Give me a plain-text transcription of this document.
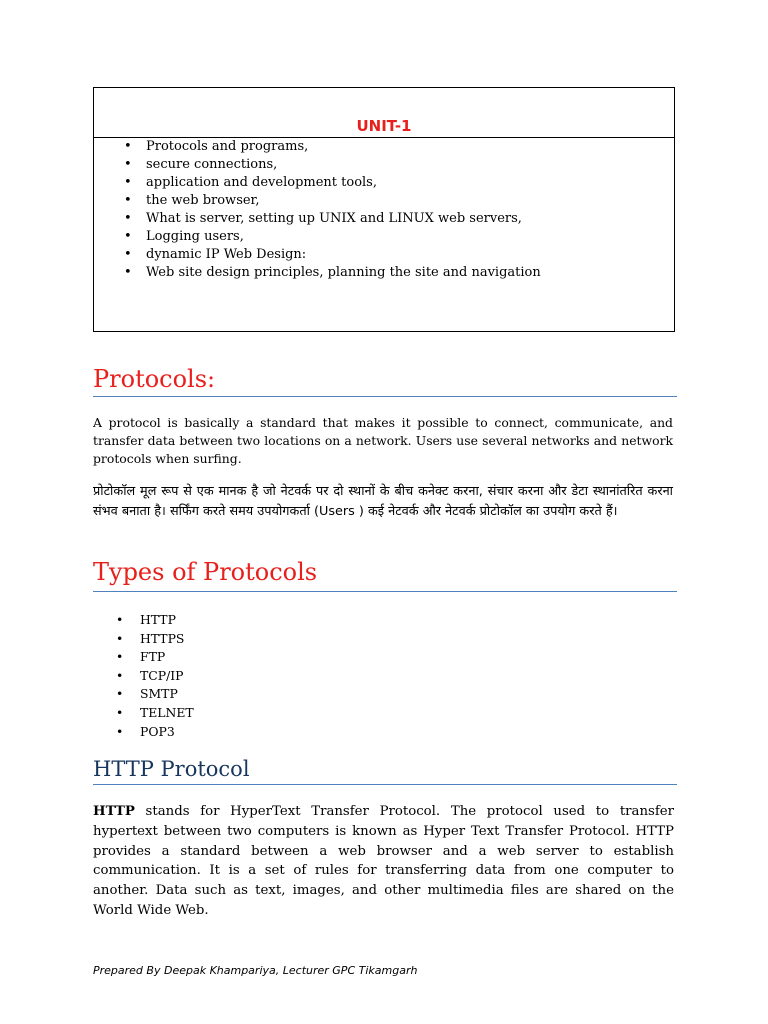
UNIT-1
• Protocols and programs,
• secure connections,
• application and development tools,
• the web browser,
• What is server, setting up UNIX and LINUX web servers,
• Logging users,
• dynamic IP Web Design:
• Web site design principles, planning the site and navigation
Protocols:

A protocol is basically a standard that makes it possible to connect, communicate, and transfer data between two locations on a network. Users use several networks and network protocols when surfing.

प्रोटोकॉल मूल रूप से एक मानक है जो नेटवर्क पर दो स्थानों के बीच कनेक्ट करना, संचार करना और डेटा स्थानांतरित करना संभव बनाता है। सर्फिंग करते समय उपयोगकर्ता (Users ) कई नेटवर्क और नेटवर्क प्रोटोकॉल का उपयोग करते हैं।

Types of Protocols
• HTTP
• HTTPS
• FTP
• TCP/IP
• SMTP
• TELNET
• POP3
HTTP Protocol

HTTP stands for HyperText Transfer Protocol. The protocol used to transfer hypertext between two computers is known as Hyper Text Transfer Protocol. HTTP provides a standard between a web browser and a web server to establish communication. It is a set of rules for transferring data from one computer to another. Data such as text, images, and other multimedia files are shared on the World Wide Web.

Prepared By Deepak Khampariya, Lecturer GPC Tikamgarh
